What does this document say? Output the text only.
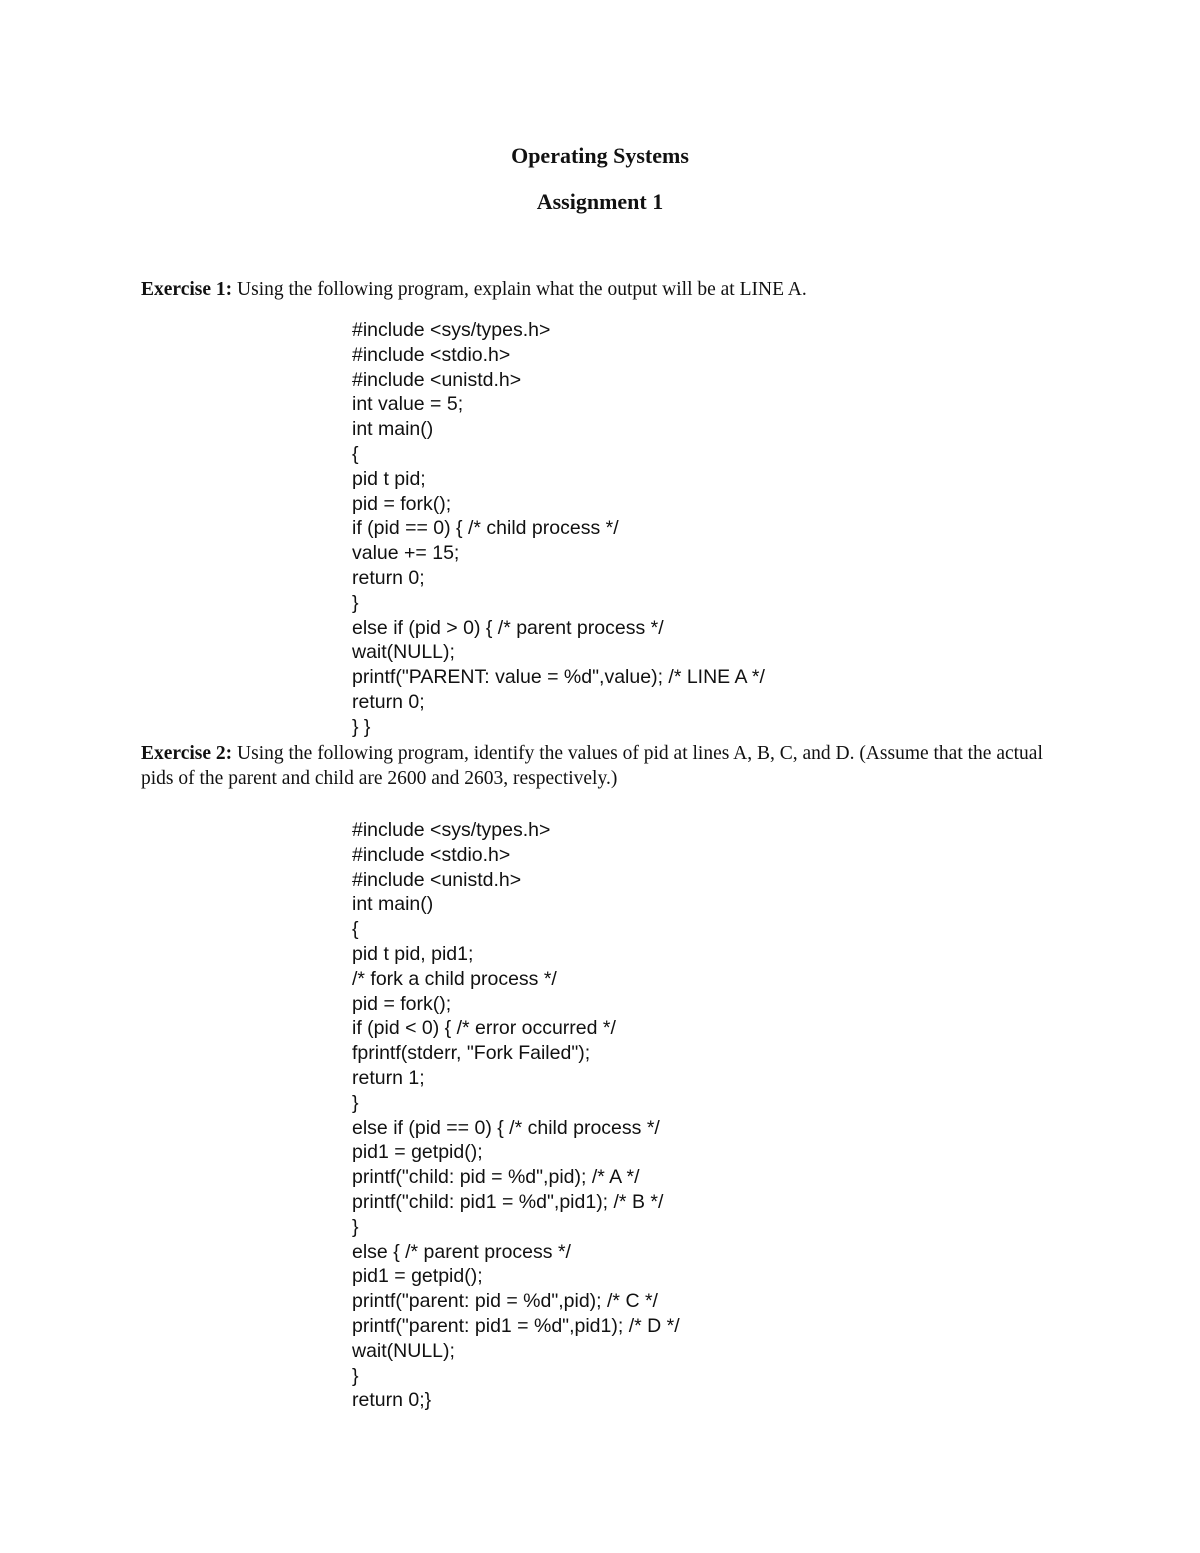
Operating Systems
Assignment 1
Exercise 1: Using the following program, explain what the output will be at LINE A.
#include <sys/types.h>
#include <stdio.h>
#include <unistd.h>
int value = 5;
int main()
{
pid t pid;
pid = fork();
if (pid == 0) { /* child process */
value += 15;
return 0;
}
else if (pid > 0) { /* parent process */
wait(NULL);
printf("PARENT: value = %d",value); /* LINE A */
return 0;
} }
Exercise 2: Using the following program, identify the values of pid at lines A, B, C, and D. (Assume that the actual pids of the parent and child are 2600 and 2603, respectively.)
#include <sys/types.h>
#include <stdio.h>
#include <unistd.h>
int main()
{
pid t pid, pid1;
/* fork a child process */
pid = fork();
if (pid < 0) { /* error occurred */
fprintf(stderr, "Fork Failed");
return 1;
}
else if (pid == 0) { /* child process */
pid1 = getpid();
printf("child: pid = %d",pid); /* A */
printf("child: pid1 = %d",pid1); /* B */
}
else { /* parent process */
pid1 = getpid();
printf("parent: pid = %d",pid); /* C */
printf("parent: pid1 = %d",pid1); /* D */
wait(NULL);
}
return 0;}
